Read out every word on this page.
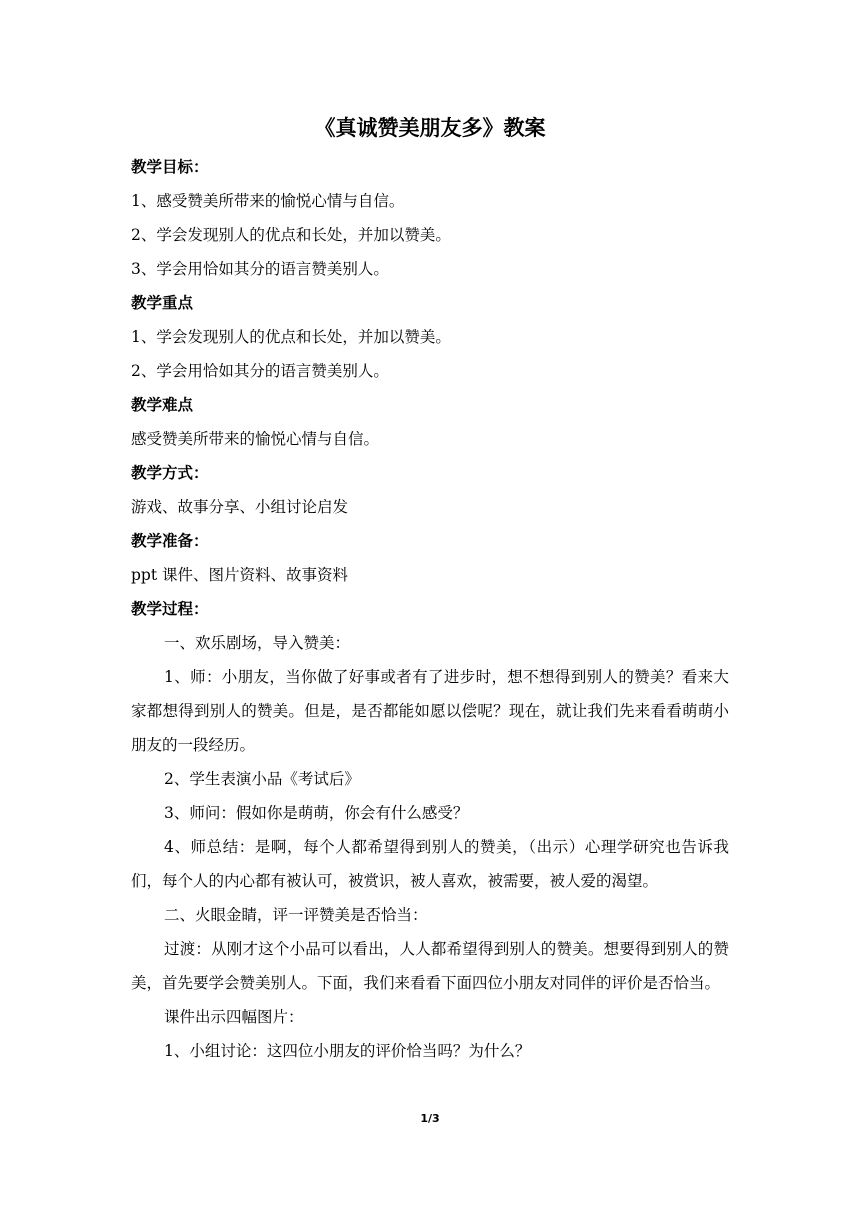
《真诚赞美朋友多》教案

教学目标：

1、感受赞美所带来的愉悦心情与自信。

2、学会发现别人的优点和长处，并加以赞美。

3、学会用恰如其分的语言赞美别人。

教学重点

1、学会发现别人的优点和长处，并加以赞美。

2、学会用恰如其分的语言赞美别人。

教学难点

感受赞美所带来的愉悦心情与自信。

教学方式：

游戏、故事分享、小组讨论启发

教学准备：

ppt 课件、图片资料、故事资料

教学过程：

一、欢乐剧场，导入赞美：

1、师：小朋友，当你做了好事或者有了进步时，想不想得到别人的赞美？看来大家都想得到别人的赞美。但是，是否都能如愿以偿呢？现在，就让我们先来看看萌萌小朋友的一段经历。

2、学生表演小品《考试后》

3、师问：假如你是萌萌，你会有什么感受？

4、师总结：是啊，每个人都希望得到别人的赞美，（出示）心理学研究也告诉我们，每个人的内心都有被认可，被赏识，被人喜欢，被需要，被人爱的渴望。

二、火眼金睛，评一评赞美是否恰当：

过渡：从刚才这个小品可以看出，人人都希望得到别人的赞美。想要得到别人的赞美，首先要学会赞美别人。下面，我们来看看下面四位小朋友对同伴的评价是否恰当。

课件出示四幅图片：

1、小组讨论：这四位小朋友的评价恰当吗？为什么？

1/3
